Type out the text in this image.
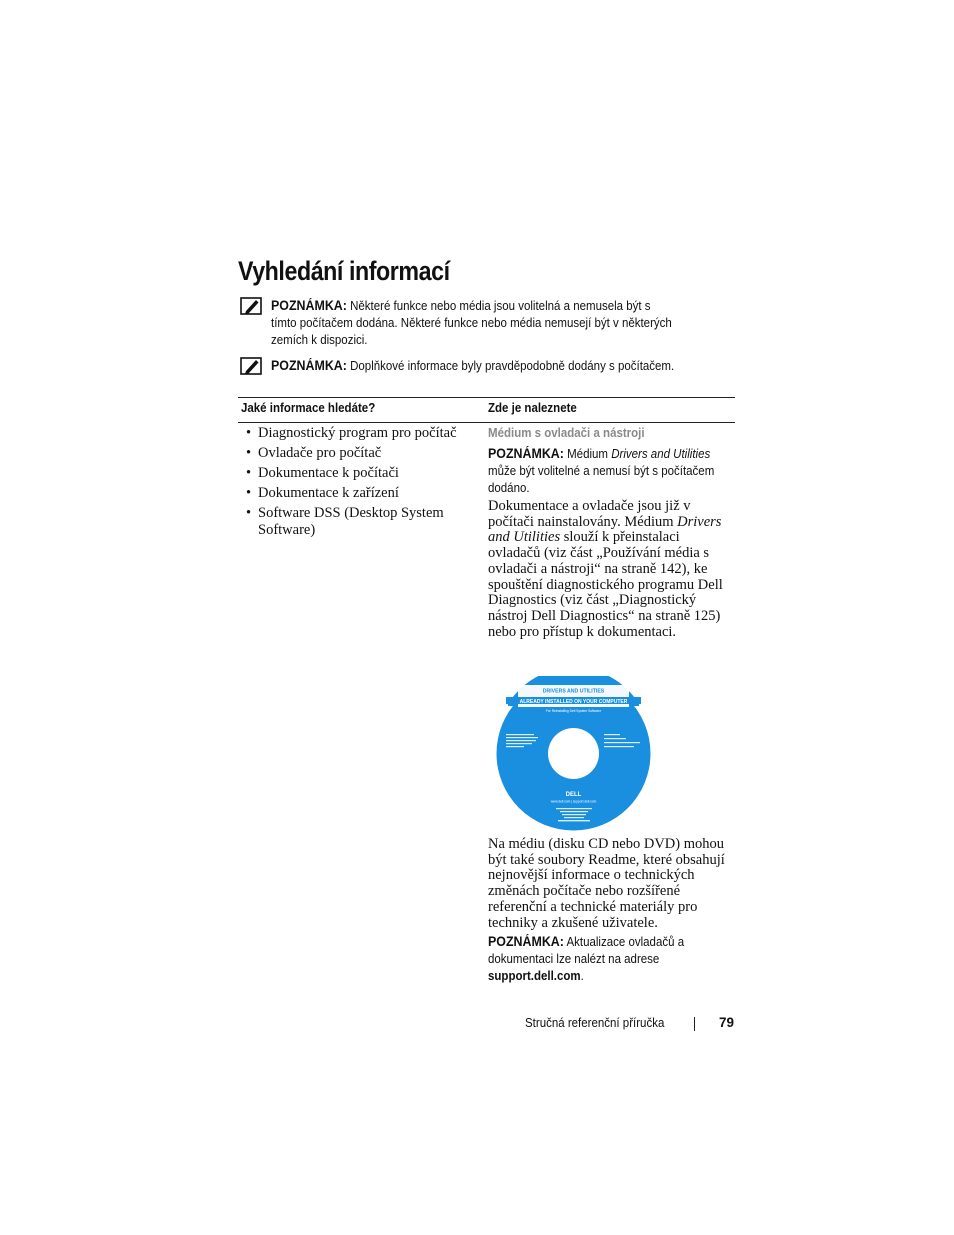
Vyhledání informací
POZNÁMKA: Některé funkce nebo média jsou volitelná a nemusela být s tímto počítačem dodána. Některé funkce nebo média nemusejí být v některých zemích k dispozici.
POZNÁMKA: Doplňkové informace byly pravděpodobně dodány s počítačem.
Jaké informace hledáte?	Zde je naleznete
• Diagnostický program pro počítač
• Ovladače pro počítač
• Dokumentace k počítači
• Dokumentace k zařízení
• Software DSS (Desktop System Software)
Médium s ovladači a nástroji
POZNÁMKA: Médium Drivers and Utilities může být volitelné a nemusí být s počítačem dodáno.
Dokumentace a ovladače jsou již v počítači nainstalovány. Médium Drivers and Utilities slouží k přeinstalaci ovladačů (viz část „Používání média s ovladači a nástroji“ na straně 142), ke spouštění diagnostického programu Dell Diagnostics (viz část „Diagnostický nástroj Dell Diagnostics“ na straně 125) nebo pro přístup k dokumentaci.
DRIVERS AND UTILITIES
ALREADY INSTALLED ON YOUR COMPUTER
For Reinstalling Dell System Software
DELL
www.dell.com | support.dell.com
Na médiu (disku CD nebo DVD) mohou být také soubory Readme, které obsahují nejnovější informace o technických změnách počítače nebo rozšířené referenční a technické materiály pro techniky a zkušené uživatele.
POZNÁMKA: Aktualizace ovladačů a dokumentaci lze nalézt na adrese support.dell.com.
Stručná referenční příručka	79
